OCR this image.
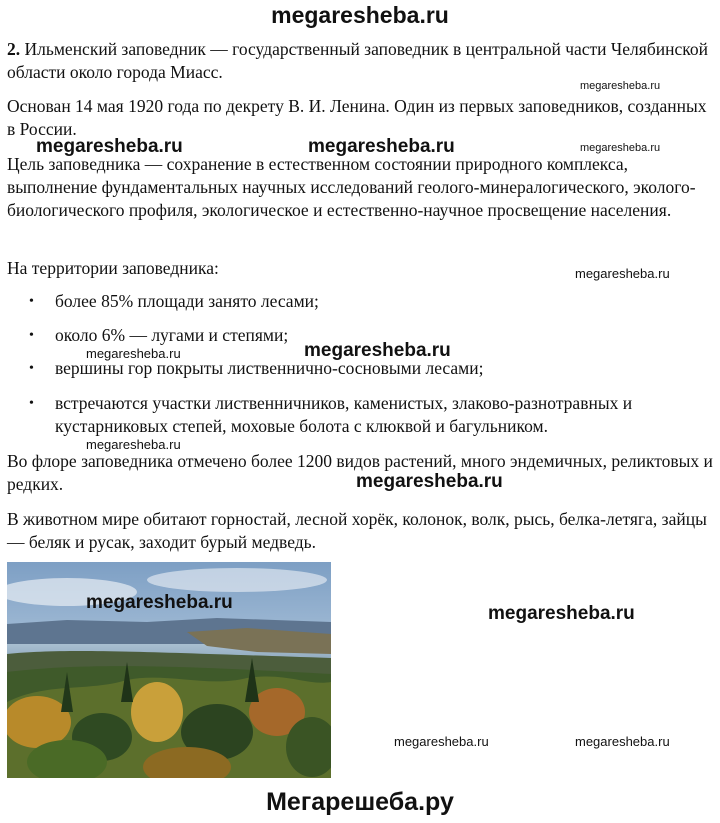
megaresheba.ru

2. Ильменский заповедник — государственный заповедник в центральной части Челябинской области около города Миасс.

Основан 14 мая 1920 года по декрету В. И. Ленина. Один из первых заповедников, созданных в России.

Цель заповедника — сохранение в естественном состоянии природного комплекса, выполнение фундаментальных научных исследований геолого-минералогического, эколого-биологического профиля, экологическое и естественно-научное просвещение населения.

На территории заповедника:

•	более 85% площади занято лесами;
•	около 6% — лугами и степями;
•	вершины гор покрыты лиственнично-сосновыми лесами;
•	встречаются участки лиственничников, каменистых, злаково-разнотравных и кустарниковых степей, моховые болота с клюквой и багульником.

Во флоре заповедника отмечено более 1200 видов растений, много эндемичных, реликтовых и редких.

В животном мире обитают горностай, лесной хорёк, колонок, волк, рысь, белка-летяга, зайцы — беляк и русак, заходит бурый медведь.

megaresheba.ru
megaresheba.ru	megaresheba.ru	megaresheba.ru
megaresheba.ru
megaresheba.ru
megaresheba.ru
megaresheba.ru
megaresheba.ru
megaresheba.ru
megaresheba.ru
megaresheba.ru	megaresheba.ru
Мегарешеба.ру
